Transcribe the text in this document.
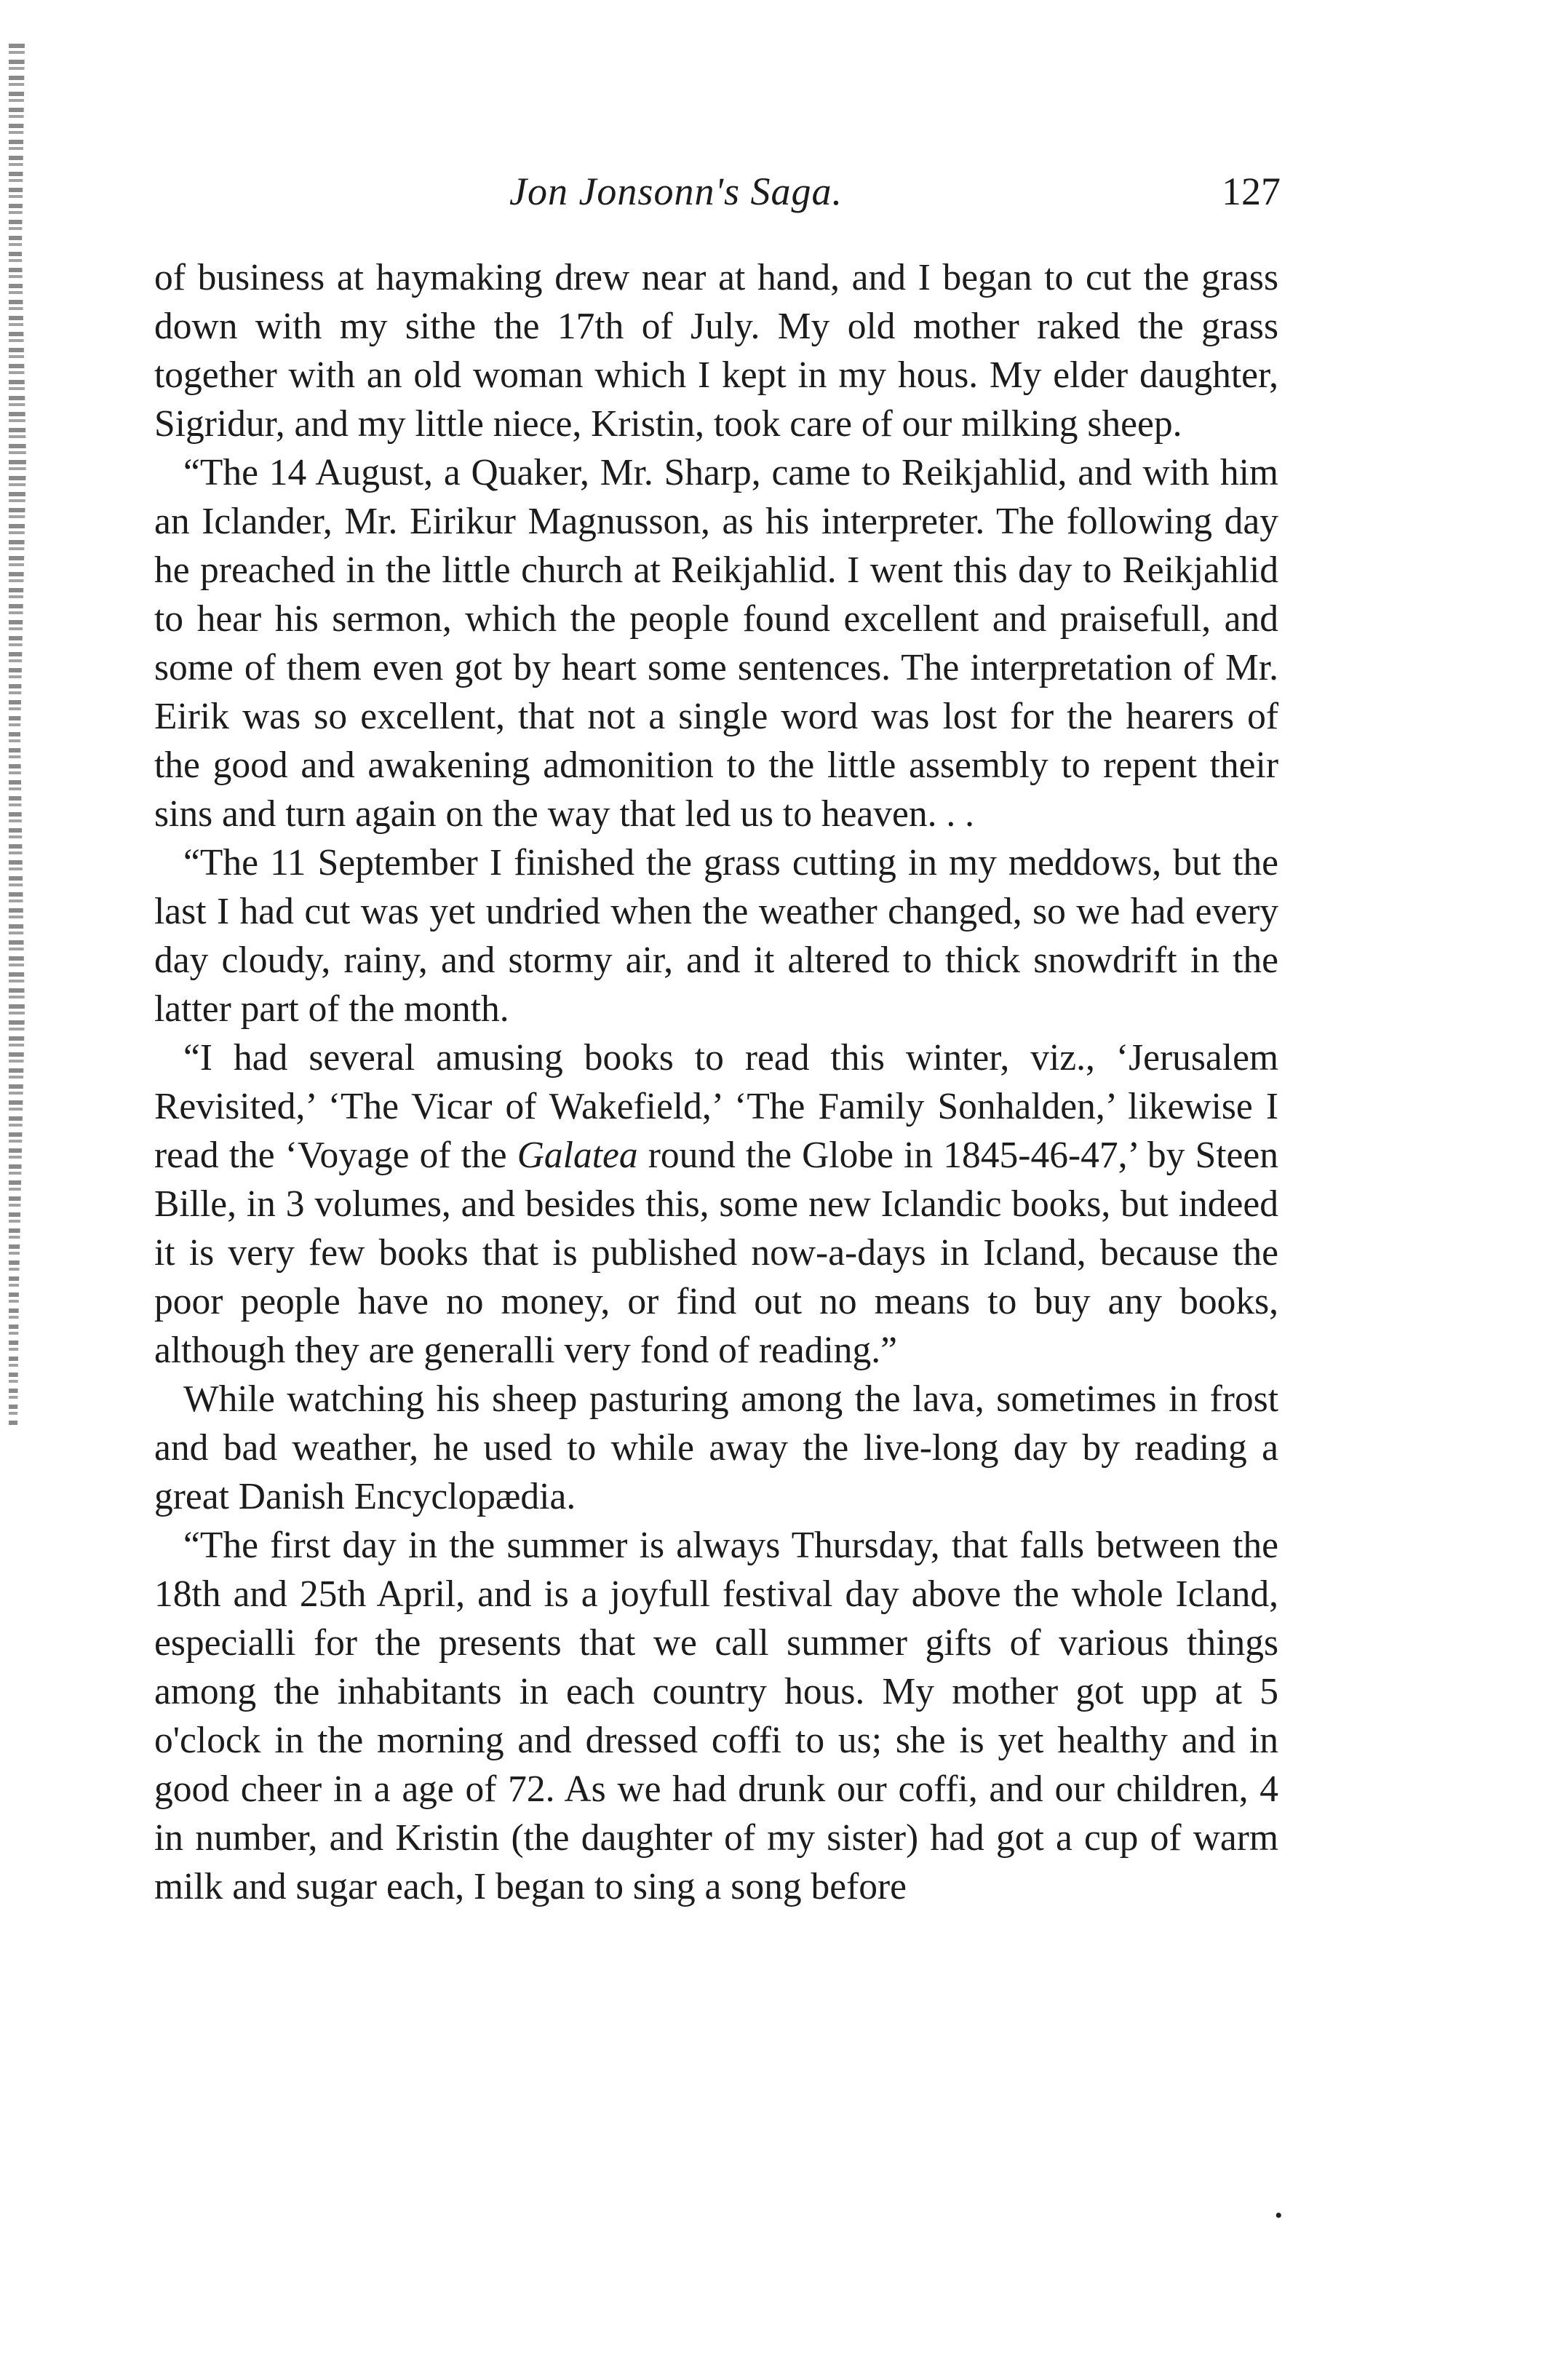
Jon Jonsonn's Saga.	127

of business at haymaking drew near at hand, and I began to cut the grass down with my sithe the 17th of July. My old mother raked the grass together with an old woman which I kept in my hous. My elder daughter, Sigridur, and my little niece, Kristin, took care of our milking sheep.

“The 14 August, a Quaker, Mr. Sharp, came to Reikjahlid, and with him an Iclander, Mr. Eirikur Magnusson, as his interpreter. The following day he preached in the little church at Reikjahlid. I went this day to Reikjahlid to hear his sermon, which the people found excellent and praisefull, and some of them even got by heart some sentences. The interpretation of Mr. Eirik was so excellent, that not a single word was lost for the hearers of the good and awakening admonition to the little assembly to repent their sins and turn again on the way that led us to heaven. . .

“The 11 September I finished the grass cutting in my meddows, but the last I had cut was yet undried when the weather changed, so we had every day cloudy, rainy, and stormy air, and it altered to thick snowdrift in the latter part of the month.

“I had several amusing books to read this winter, viz., ‘Jerusalem Revisited,’ ‘The Vicar of Wakefield,’ ‘The Family Sonhalden,’ likewise I read the ‘Voyage of the Galatea round the Globe in 1845-46-47,’ by Steen Bille, in 3 volumes, and besides this, some new Iclandic books, but indeed it is very few books that is published now-a-days in Icland, because the poor people have no money, or find out no means to buy any books, although they are generalli very fond of reading.”

While watching his sheep pasturing among the lava, sometimes in frost and bad weather, he used to while away the live-long day by reading a great Danish Encyclopædia.

“The first day in the summer is always Thursday, that falls between the 18th and 25th April, and is a joyfull festival day above the whole Icland, especialli for the presents that we call summer gifts of various things among the inhabitants in each country hous. My mother got upp at 5 o'clock in the morning and dressed coffi to us; she is yet healthy and in good cheer in a age of 72. As we had drunk our coffi, and our children, 4 in number, and Kristin (the daughter of my sister) had got a cup of warm milk and sugar each, I began to sing a song before

•
